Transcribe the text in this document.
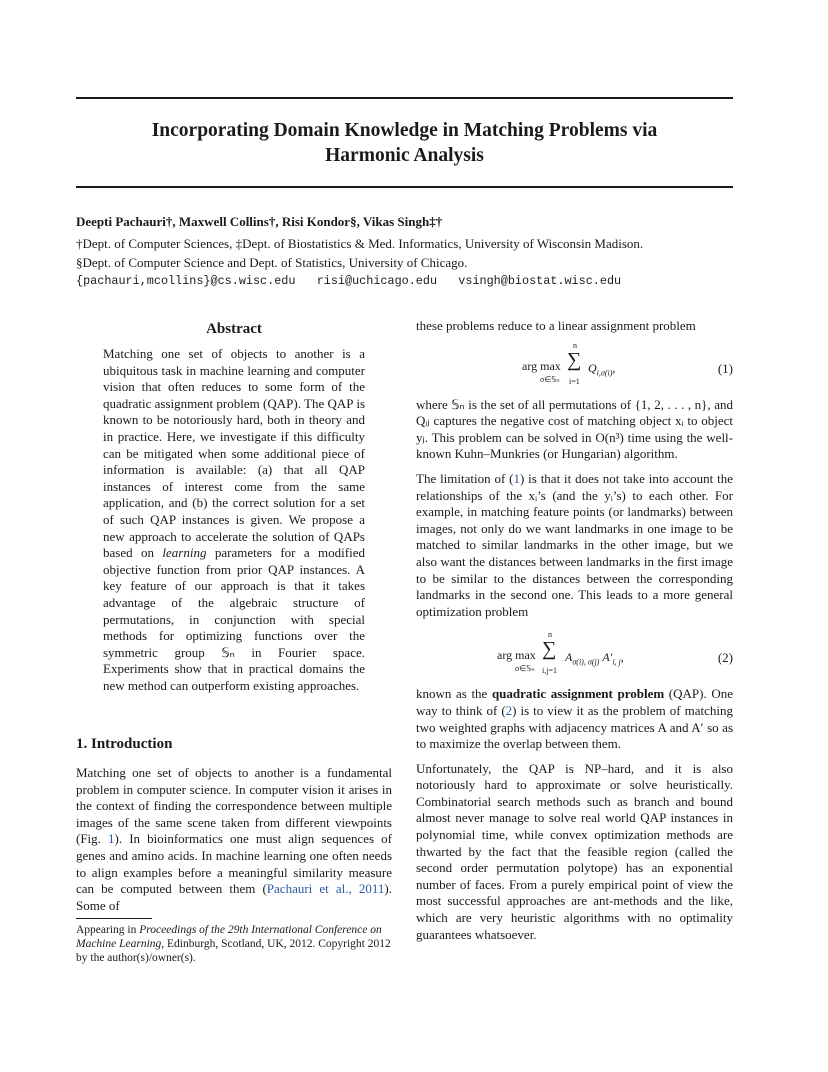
Incorporating Domain Knowledge in Matching Problems via
Harmonic Analysis
Deepti Pachauri†, Maxwell Collins†, Risi Kondor§, Vikas Singh‡†
†Dept. of Computer Sciences, ‡Dept. of Biostatistics & Med. Informatics, University of Wisconsin Madison.
§Dept. of Computer Science and Dept. of Statistics, University of Chicago.
{pachauri,mcollins}@cs.wisc.edu   risi@uchicago.edu   vsingh@biostat.wisc.edu
Abstract

Matching one set of objects to another is a ubiquitous task in machine learning and computer vision that often reduces to some form of the quadratic assignment problem (QAP). The QAP is known to be notoriously hard, both in theory and in practice. Here, we investigate if this difficulty can be mitigated when some additional piece of information is available: (a) that all QAP instances of interest come from the same application, and (b) the correct solution for a set of such QAP instances is given. We propose a new approach to accelerate the solution of QAPs based on learning parameters for a modified objective function from prior QAP instances. A key feature of our approach is that it takes advantage of the algebraic structure of permutations, in conjunction with special methods for optimizing functions over the symmetric group 𝕊ₙ in Fourier space. Experiments show that in practical domains the new method can outperform existing approaches.

1. Introduction

Matching one set of objects to another is a fundamental problem in computer science. In computer vision it arises in the context of finding the correspondence between multiple images of the same scene taken from different viewpoints (Fig. 1). In bioinformatics one must align sequences of genes and amino acids. In machine learning one often needs to align examples before a meaningful similarity measure can be computed between them (Pachauri et al., 2011). Some of

Appearing in Proceedings of the 29th International Conference on Machine Learning, Edinburgh, Scotland, UK, 2012. Copyright 2012 by the author(s)/owner(s).

these problems reduce to a linear assignment problem

arg max
σ∈𝕊ₙ
n
∑
i=1
$Q_{i,\sigma(i)}$,	(1)

where 𝕊ₙ is the set of all permutations of {1, 2, . . . , n}, and Qᵢⱼ captures the negative cost of matching object xᵢ to object yⱼ. This problem can be solved in O(n³) time using the well-known Kuhn–Munkries (or Hungarian) algorithm.

The limitation of (1) is that it does not take into account the relationships of the xᵢ’s (and the yᵢ’s) to each other. For example, in matching feature points (or landmarks) between images, not only do we want landmarks in one image to be matched to similar landmarks in the other image, but we also want the distances between landmarks in the first image to be similar to the distances between the corresponding landmarks in the second one. This leads to a more general optimization problem

arg max
σ∈𝕊ₙ
n
∑
i,j=1
$A_{\sigma(i), \sigma(j)}$ $A'_{i, j}$,	(2)

known as the quadratic assignment problem (QAP). One way to think of (2) is to view it as the problem of matching two weighted graphs with adjacency matrices A and A′ so as to maximize the overlap between them.

Unfortunately, the QAP is NP–hard, and it is also notoriously hard to approximate or solve heuristically. Combinatorial search methods such as branch and bound almost never manage to solve real world QAP instances in polynomial time, while convex optimization methods are thwarted by the fact that the feasible region (called the second order permutation polytope) has an exponential number of faces. From a purely empirical point of view the most successful approaches are ant-methods and the like, which are very heuristic algorithms with no optimality guarantees whatsoever.
